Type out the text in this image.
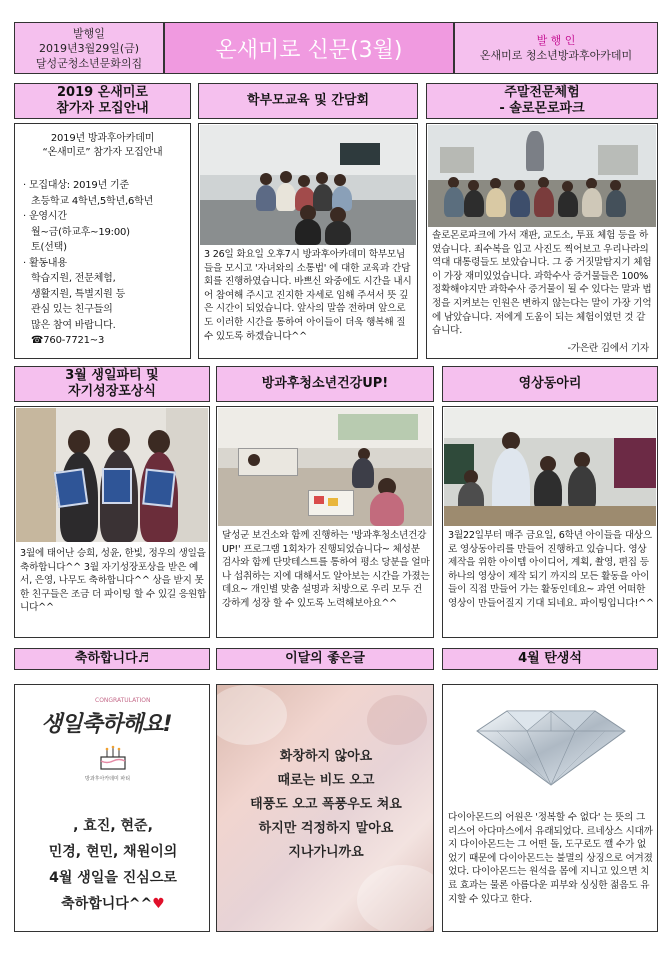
발행일
2019년3월29일(금)
달성군청소년문화의집
온새미로 신문(3월)	발 행 인
온새미로 청소년방과후아카데미
2019 온새미로
참가자 모집안내
2019년 방과후아카데미
“온새미로” 참가자 모집안내
· 모집대상: 2019년 기준
초등학교 4학년,5학년,6학년
· 운영시간
월~금(하교후~19:00)
토(선택)
· 활동내용
학습지원, 전문체험,
생활지원, 특별지원 등
관심 있는 친구들의
많은 참여 바랍니다.
☎760-7721~3
학부모교육 및 간담회
3 26일 화요일 오후7시 방과후아카데미 학부모님들을 모시고 '자녀와의 소통법' 에 대한 교육과 간담회를 진행하였습니다. 바쁘신 와중에도 시간을 내시어 참여해 주시고 진지한 자세로 임해 주셔서 뜻 깊은 시간이 되었습니다. 앞사의 말씀 전하며 앞으로도 이러한 시간을 통하여 아이들이 더욱 행복해 질 수 있도록 하겠습니다^^
주말전문체험
- 솔로몬로파크
솔로몬로파크에 가서 재판, 교도소, 투표 체험 등을 하였습니다. 죄수복을 입고 사진도 찍어보고 우리나라의 역대 대통령들도 보았습니다. 그 중 거짓말탐지기 체험이 가장 재미있었습니다. 과학수사 증거물들은 100% 정확해야지만 과학수사 증거물이 될 수 있다는 말과 법정을 지켜보는 인원은 변하지 않는다는 말이 가장 기억에 남았습니다. 저에게 도움이 되는 체험이였던 것 같습니다.
-가은란 김에서 기자
3월 생일파티 및
자기성장포상식
3월에 태어난 승희, 성윤, 한빛, 정우의 생일을 축하합니다^^ 3월 자기성장포상을 받은 예서, 은영, 나무도 축하합니다^^ 상을 받지 못한 친구들은 조금 더 파이팅 할 수 있길 응원합니다^^
방과후청소년건강UP!
달성군 보건소와 함께 진행하는 '방과후청소년건강UP!' 프로그램 1회차가 진행되었습니다~ 체성분 검사와 함께 단맛테스트를 통하여 평소 당분을 얼마나 섭취하는 지에 대해서도 알아보는 시간을 가졌는데요~ 개인별 맞춤 설명과 처방으로 우리 모두 건강하게 성장 할 수 있도록 노력해보아요^^
영상동아리
3월22일부터 매주 금요일, 6학년 아이들을 대상으로 영상동아리를 만들어 진행하고 있습니다. 영상제작을 위한 아이템 아이디어, 계획, 촬영, 편집 등 하나의 영상이 제작 되기 까지의 모든 활동을 아이들이 직접 만들어 가는 활동인데요~ 과연 어떠한 영상이 만들어질지 기대 되네요. 파이팅입니다!^^
축하합니다♬
CONGRATULATION
생일축하해요!
방과후아카데미 파티
, 효진, 현준,
민경, 현민, 채원이의
4월 생일을 진심으로
축하합니다^^♥
이달의 좋은글
화창하지 않아요
때로는 비도 오고
태풍도 오고 폭풍우도 쳐요
하지만 걱정하지 말아요
지나가니까요
4월 탄생석
다이아몬드의 어원은 '정복할 수 없다' 는 뜻의 그리스어 아다마스에서 유래되었다. 르네상스 시대까지 다이아몬드는 그 어떤 돌, 도구로도 깰 수가 없었기 때문에 다이아몬드는 불멸의 상징으로 여겨졌었다. 다이아몬드는 원석을 몸에 지니고 있으면 치료 효과는 물론 아름다운 피부와 싱싱한 젊음도 유지할 수 있다고 한다.
